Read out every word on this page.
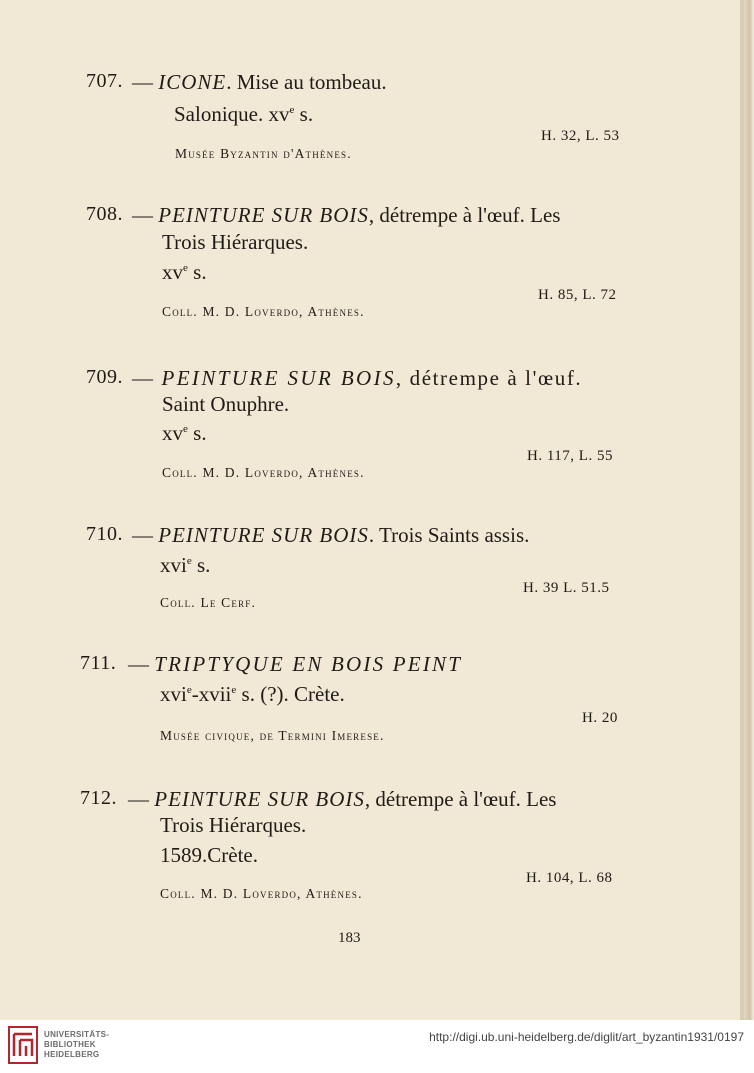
707. — ICONE. Mise au tombeau.
Salonique. $xv^e$ s.
H. 32, L. 53
Musée Byzantin d'Athènes.
708. — PEINTURE SUR BOIS, détrempe à l'œuf. Les
Trois Hiérarques.
$xv^e$ s.
H. 85, L. 72
Coll. M. D. Loverdo, Athènes.
709. — PEINTURE SUR BOIS, détrempe à l'œuf.
Saint Onuphre.
$xv^e$ s.
H. 117, L. 55
Coll. M. D. Loverdo, Athènes.
710. — PEINTURE SUR BOIS. Trois Saints assis.
xvi$^e$ s.
H. 39 L. 51.5
Coll. Le Cerf.
711. — TRIPTYQUE EN BOIS PEINT
xvi$^e$-xvii$^e$ s. (?). Crète.
H. 20
Musée civique, de Termini Imerese.
712. — PEINTURE SUR BOIS, détrempe à l'œuf. Les
Trois Hiérarques.
1589.Crète.
H. 104, L. 68
Coll. M. D. Loverdo, Athènes.
183
UNIVERSITÄTS-
BIBLIOTHEK
HEIDELBERG
http://digi.ub.uni-heidelberg.de/diglit/art_byzantin1931/0197
